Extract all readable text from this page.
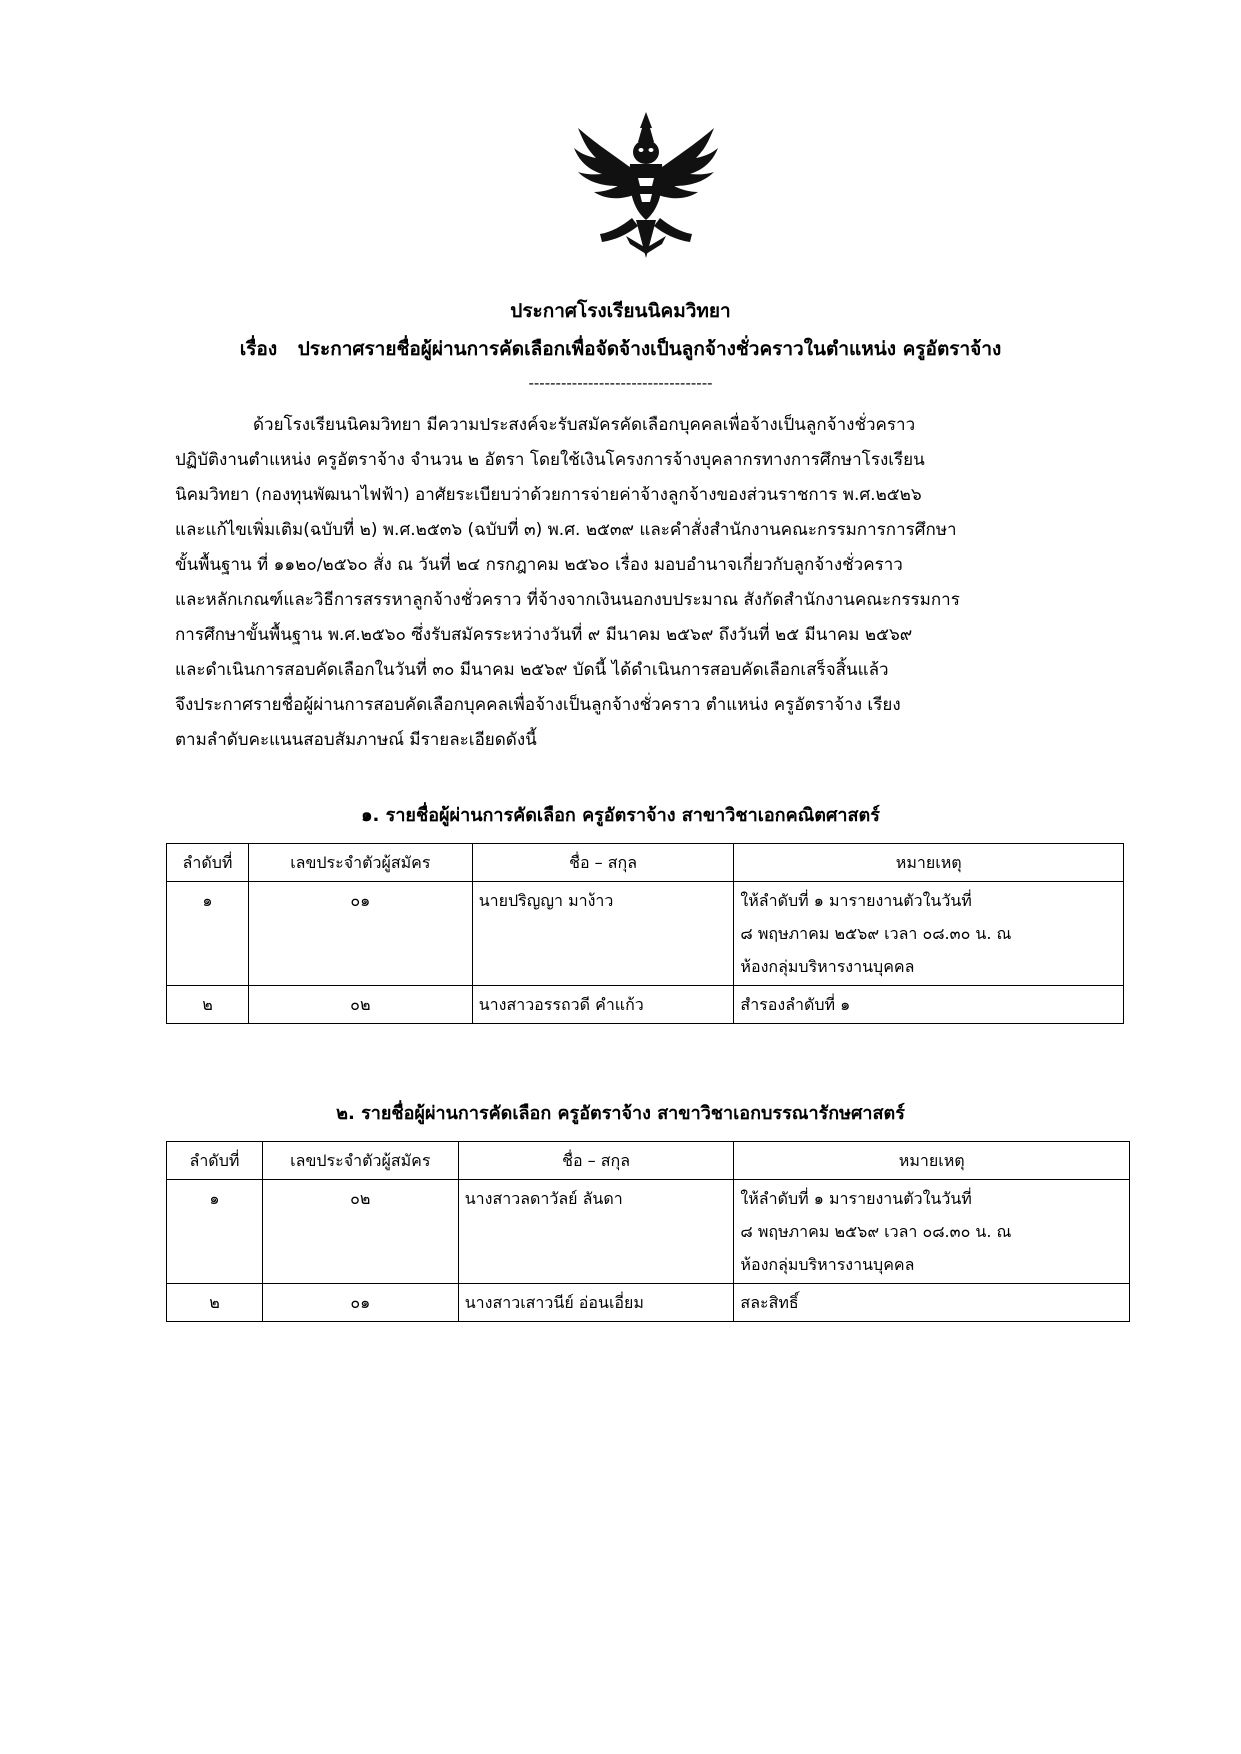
ประกาศโรงเรียนนิคมวิทยา
เรื่อง ประกาศรายชื่อผู้ผ่านการคัดเลือกเพื่อจัดจ้างเป็นลูกจ้างชั่วคราวในตำแหน่ง ครูอัตราจ้าง
----------------------------------
ด้วยโรงเรียนนิคมวิทยา มีความประสงค์จะรับสมัครคัดเลือกบุคคลเพื่อจ้างเป็นลูกจ้างชั่วคราว
ปฏิบัติงานตำแหน่ง ครูอัตราจ้าง จำนวน ๒ อัตรา โดยใช้เงินโครงการจ้างบุคลากรทางการศึกษาโรงเรียน
นิคมวิทยา (กองทุนพัฒนาไฟฟ้า) อาศัยระเบียบว่าด้วยการจ่ายค่าจ้างลูกจ้างของส่วนราชการ พ.ศ.๒๕๒๖
และแก้ไขเพิ่มเติม(ฉบับที่ ๒) พ.ศ.๒๕๓๖ (ฉบับที่ ๓) พ.ศ. ๒๕๓๙ และคำสั่งสำนักงานคณะกรรมการการศึกษา
ขั้นพื้นฐาน ที่ ๑๑๒๐/๒๕๖๐ สั่ง ณ วันที่ ๒๔ กรกฎาคม ๒๕๖๐ เรื่อง มอบอำนาจเกี่ยวกับลูกจ้างชั่วคราว
และหลักเกณฑ์และวิธีการสรรหาลูกจ้างชั่วคราว ที่จ้างจากเงินนอกงบประมาณ สังกัดสำนักงานคณะกรรมการ
การศึกษาขั้นพื้นฐาน พ.ศ.๒๕๖๐ ซึ่งรับสมัครระหว่างวันที่ ๙ มีนาคม ๒๕๖๙ ถึงวันที่ ๒๕ มีนาคม ๒๕๖๙
และดำเนินการสอบคัดเลือกในวันที่ ๓๐ มีนาคม ๒๕๖๙ บัดนี้ ได้ดำเนินการสอบคัดเลือกเสร็จสิ้นแล้ว
จึงประกาศรายชื่อผู้ผ่านการสอบคัดเลือกบุคคลเพื่อจ้างเป็นลูกจ้างชั่วคราว ตำแหน่ง ครูอัตราจ้าง เรียง
ตามลำดับคะแนนสอบสัมภาษณ์ มีรายละเอียดดังนี้
๑. รายชื่อผู้ผ่านการคัดเลือก ครูอัตราจ้าง สาขาวิชาเอกคณิตศาสตร์
ลำดับที่	เลขประจำตัวผู้สมัคร	ชื่อ – สกุล	หมายเหตุ
๑	๐๑	นายปริญญา มาง้าว	ให้ลำดับที่ ๑ มารายงานตัวในวันที่
๘ พฤษภาคม ๒๕๖๙ เวลา ๐๘.๓๐ น. ณ
ห้องกลุ่มบริหารงานบุคคล

๒	๐๒	นางสาวอรรถวดี คำแก้ว	สำรองลำดับที่ ๑
๒. รายชื่อผู้ผ่านการคัดเลือก ครูอัตราจ้าง สาขาวิชาเอกบรรณารักษศาสตร์
ลำดับที่	เลขประจำตัวผู้สมัคร	ชื่อ – สกุล	หมายเหตุ
๑	๐๒	นางสาวลดาวัลย์ ลันดา	ให้ลำดับที่ ๑ มารายงานตัวในวันที่
๘ พฤษภาคม ๒๕๖๙ เวลา ๐๘.๓๐ น. ณ
ห้องกลุ่มบริหารงานบุคคล

๒	๐๑	นางสาวเสาวนีย์ อ่อนเอี่ยม	สละสิทธิ์
